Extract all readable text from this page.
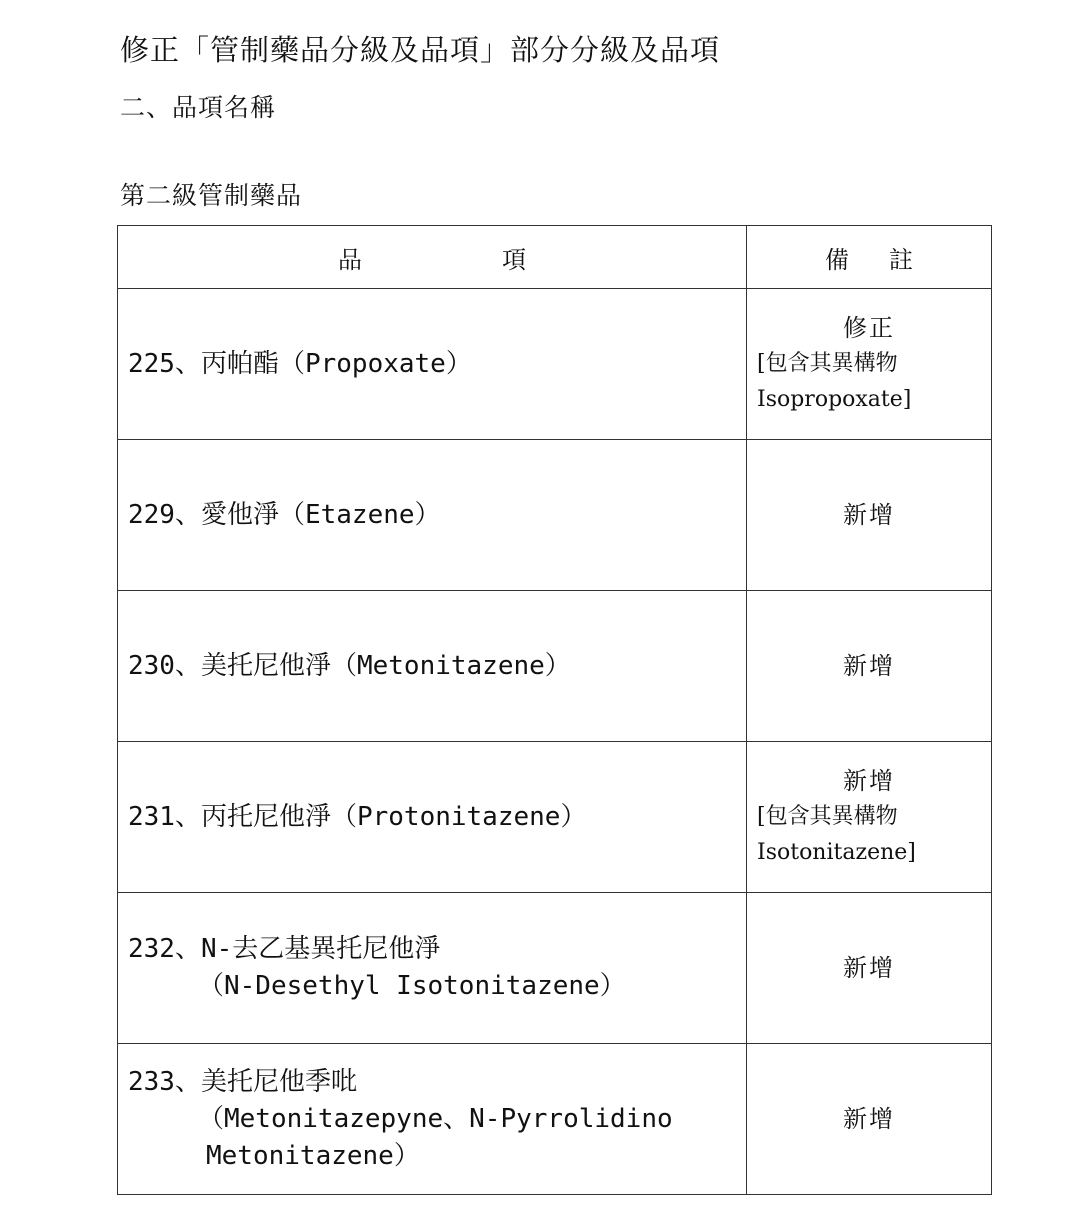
修正「管制藥品分級及品項」部分分級及品項
二、品項名稱
第二級管制藥品
品 項	備 註

225、丙帕酯（Propoxate）	修正
[包含其異構物
Isopropoxate]

229、愛他淨（Etazene）	新增

230、美托尼他淨（Metonitazene）	新增

231、丙托尼他淨（Protonitazene）	新增
[包含其異構物
Isotonitazene]

232、N-去乙基異托尼他淨
（N-Desethyl Isotonitazene）	新增

233、美托尼他季吡
（Metonitazepyne、N-Pyrrolidino
Metonitazene）	新增
